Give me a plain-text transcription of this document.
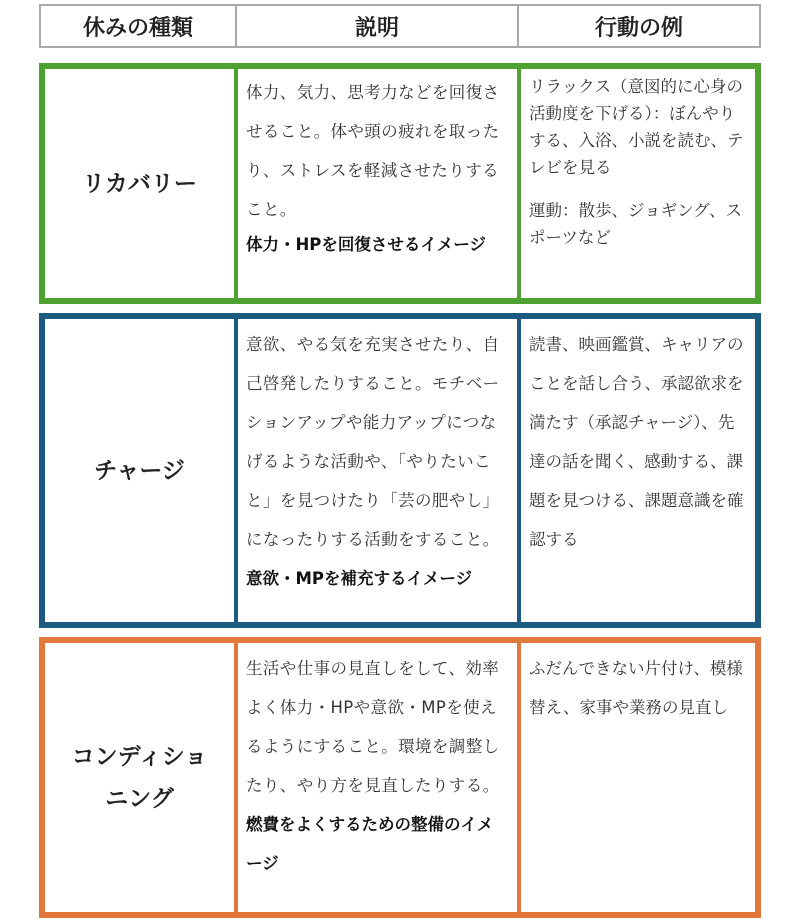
休みの種類	説明	行動の例
リカバリー
体力、気力、思考力などを回復させること。体や頭の疲れを取ったり、ストレスを軽減させたりすること。
体力・HPを回復させるイメージ
リラックス（意図的に心身の活動度を下げる）：ぼんやりする、入浴、小説を読む、テレビを見る
運動：散歩、ジョギング、スポーツなど
チャージ
意欲、やる気を充実させたり、自己啓発したりすること。モチベーションアップや能力アップにつなげるような活動や、「やりたいこと」を見つけたり「芸の肥やし」になったりする活動をすること。
意欲・MPを補充するイメージ
読書、映画鑑賞、キャリアのことを話し合う、承認欲求を満たす（承認チャージ）、先達の話を聞く、感動する、課題を見つける、課題意識を確認する
コンディショニング
生活や仕事の見直しをして、効率よく体力・HPや意欲・MPを使えるようにすること。環境を調整したり、やり方を見直したりする。
燃費をよくするための整備のイメージ
ふだんできない片付け、模様替え、家事や業務の見直し
